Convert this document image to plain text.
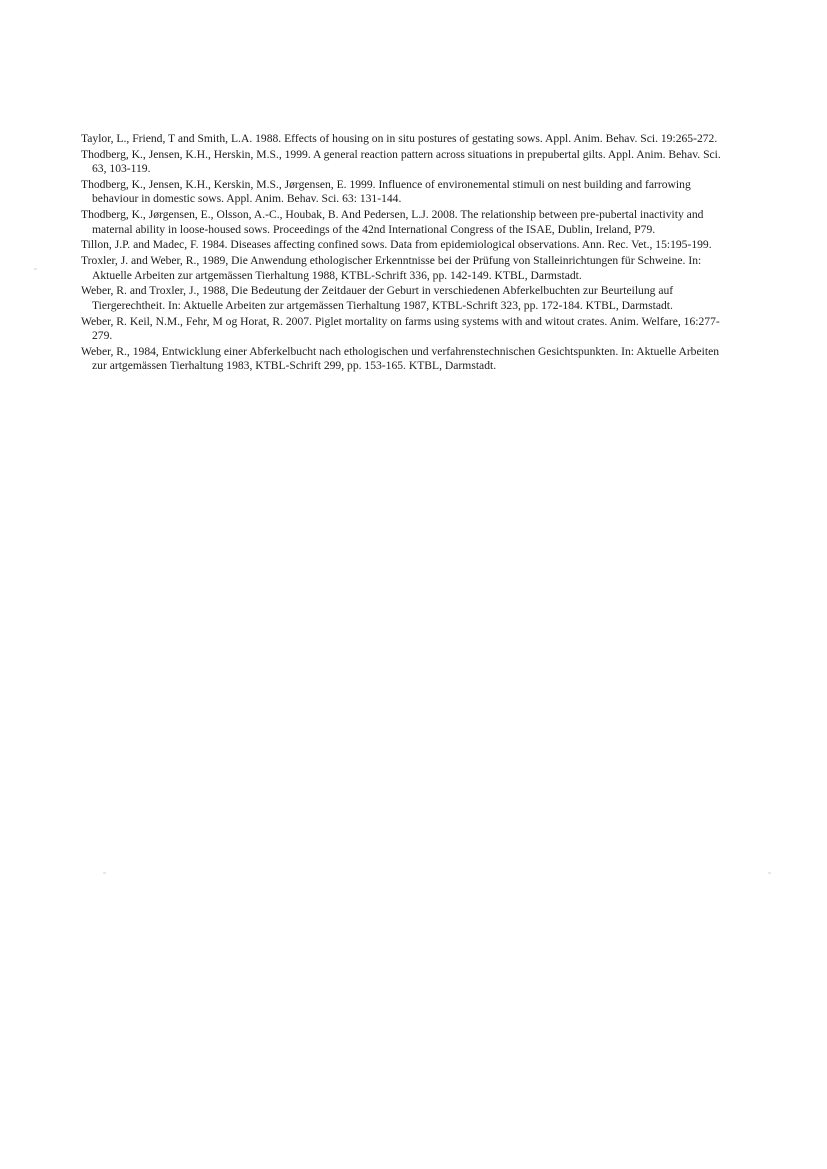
Taylor, L., Friend, T and Smith, L.A. 1988. Effects of housing on in situ postures of gestating sows. Appl. Anim. Behav. Sci. 19:265-272.
Thodberg, K., Jensen, K.H., Herskin, M.S., 1999. A general reaction pattern across situations in prepubertal gilts. Appl. Anim. Behav. Sci. 63, 103-119.
Thodberg, K., Jensen, K.H., Kerskin, M.S., Jørgensen, E. 1999. Influence of environemental stimuli on nest building and farrowing behaviour in domestic sows. Appl. Anim. Behav. Sci. 63: 131-144.
Thodberg, K., Jørgensen, E., Olsson, A.-C., Houbak, B. And Pedersen, L.J. 2008. The relationship between pre-pubertal inactivity and maternal ability in loose-housed sows. Proceedings of the 42nd International Congress of the ISAE, Dublin, Ireland, P79.
Tillon, J.P. and Madec, F. 1984. Diseases affecting confined sows. Data from epidemiological observations. Ann. Rec. Vet., 15:195-199.
Troxler, J. and Weber, R., 1989, Die Anwendung ethologischer Erkenntnisse bei der Prüfung von Stalleinrichtungen für Schweine. In: Aktuelle Arbeiten zur artgemässen Tierhaltung 1988, KTBL-Schrift 336, pp. 142-149. KTBL, Darmstadt.
Weber, R. and Troxler, J., 1988, Die Bedeutung der Zeitdauer der Geburt in verschiedenen Abferkelbuchten zur Beurteilung auf Tiergerechtheit. In: Aktuelle Arbeiten zur artgemässen Tierhaltung 1987, KTBL-Schrift 323, pp. 172-184. KTBL, Darmstadt.
Weber, R. Keil, N.M., Fehr, M og Horat, R. 2007. Piglet mortality on farms using systems with and witout crates. Anim. Welfare, 16:277-279.
Weber, R., 1984, Entwicklung einer Abferkelbucht nach ethologischen und verfahrenstechnischen Gesichtspunkten. In: Aktuelle Arbeiten zur artgemässen Tierhaltung 1983, KTBL-Schrift 299, pp. 153-165. KTBL, Darmstadt.
